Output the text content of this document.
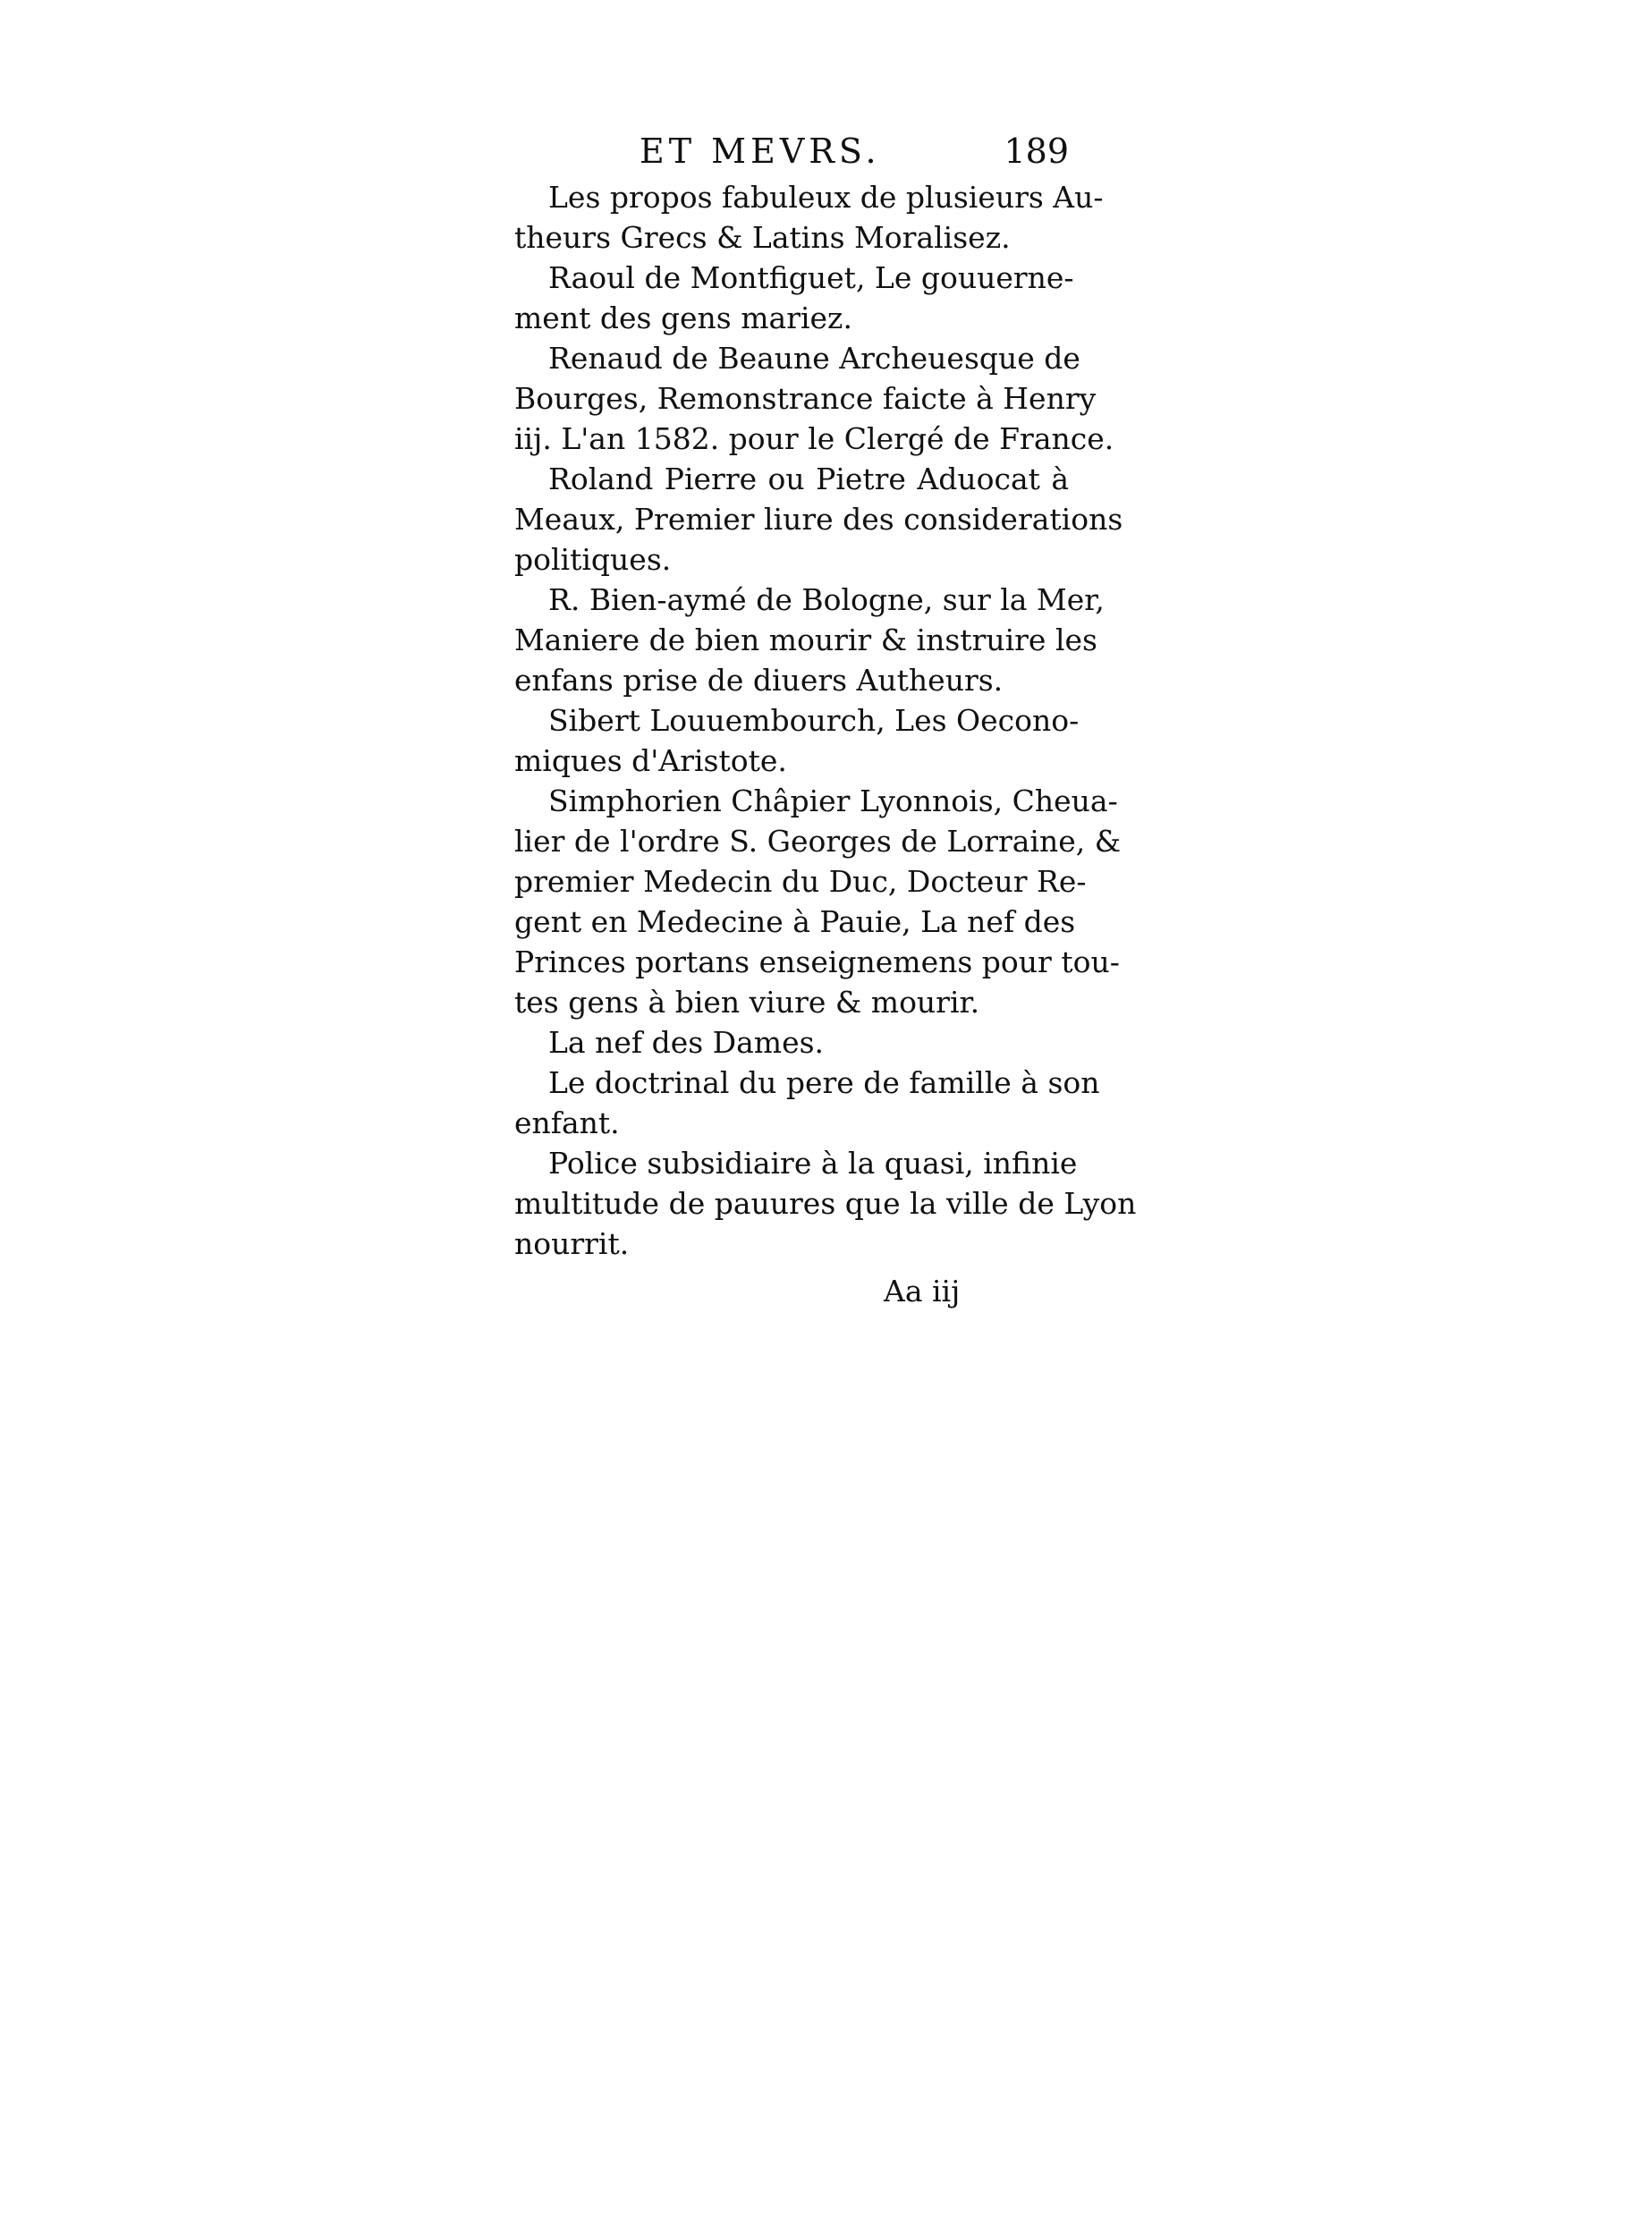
ET MEVRS.	189
Les propos fabuleux de plusieurs Au-
theurs Grecs & Latins Moralisez.
Raoul de Montfiguet, Le gouuerne-
ment des gens mariez.
Renaud de Beaune Archeuesque de
Bourges, Remonstrance faicte à Henry
iij. L'an 1582. pour le Clergé de France.
Roland Pierre ou Pietre Aduocat à
Meaux, Premier liure des considerations
politiques.
R. Bien-aymé de Bologne, sur la Mer,
Maniere de bien mourir & instruire les
enfans prise de diuers Autheurs.
Sibert Louuembourch, Les Oecono-
miques d'Aristote.
Simphorien Châpier Lyonnois, Cheua-
lier de l'ordre S. Georges de Lorraine, &
premier Medecin du Duc, Docteur Re-
gent en Medecine à Pauie, La nef des
Princes portans enseignemens pour tou-
tes gens à bien viure & mourir.
La nef des Dames.
Le doctrinal du pere de famille à son
enfant.
Police subsidiaire à la quasi, infinie
multitude de pauures que la ville de Lyon
nourrit.
Aa iij
